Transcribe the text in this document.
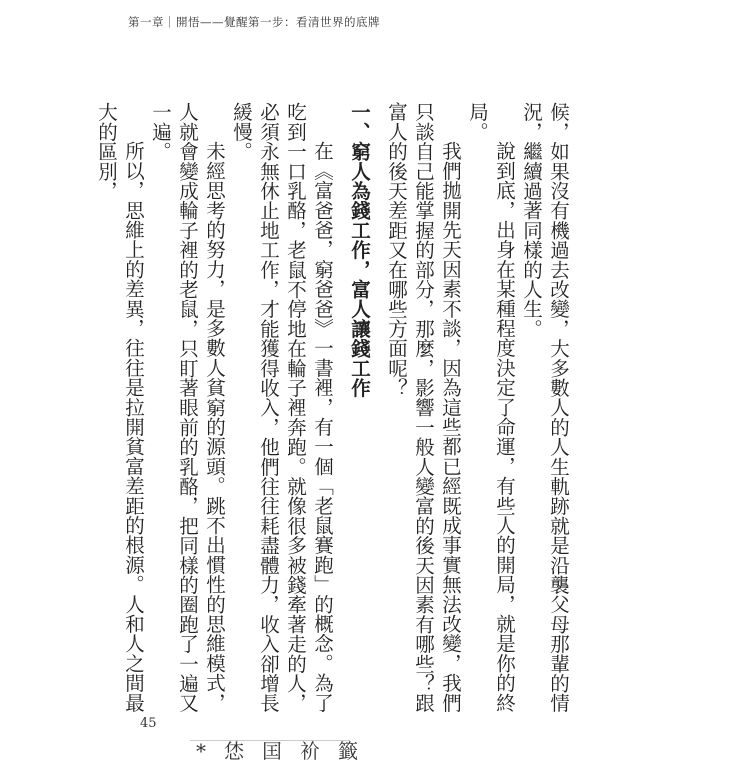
第一章｜開悟——覺醒第一步：看清世界的底牌

候，如果沒有機過去改變，大多數人的人生軌跡就是沿襲父母那輩的情況，繼續過著同樣的人生。

說到底，出身在某種程度決定了命運，有些人的開局，就是你的終局。

我們拋開先天因素不談，因為這些都已經既成事實無法改變，我們只談自己能掌握的部分，那麼，影響一般人變富的後天因素有哪些？跟富人的後天差距又在哪些方面呢？

一、窮人為錢工作，富人讓錢工作

在《富爸爸，窮爸爸》一書裡，有一個「老鼠賽跑」的概念。為了吃到一口乳酪，老鼠不停地在輪子裡奔跑。就像很多被錢牽著走的人，必須永無休止地工作，才能獲得收入，他們往往耗盡體力，收入卻增長緩慢。

未經思考的努力，是多數人貧窮的源頭。跳不出慣性的思維模式，人就會變成輪子裡的老鼠，只盯著眼前的乳酪，把同樣的圈跑了一遍又一遍。

所以，思維上的差異，往往是拉開貧富差距的根源。人和人之間最大的區別，

45
*恷囯衸籤
